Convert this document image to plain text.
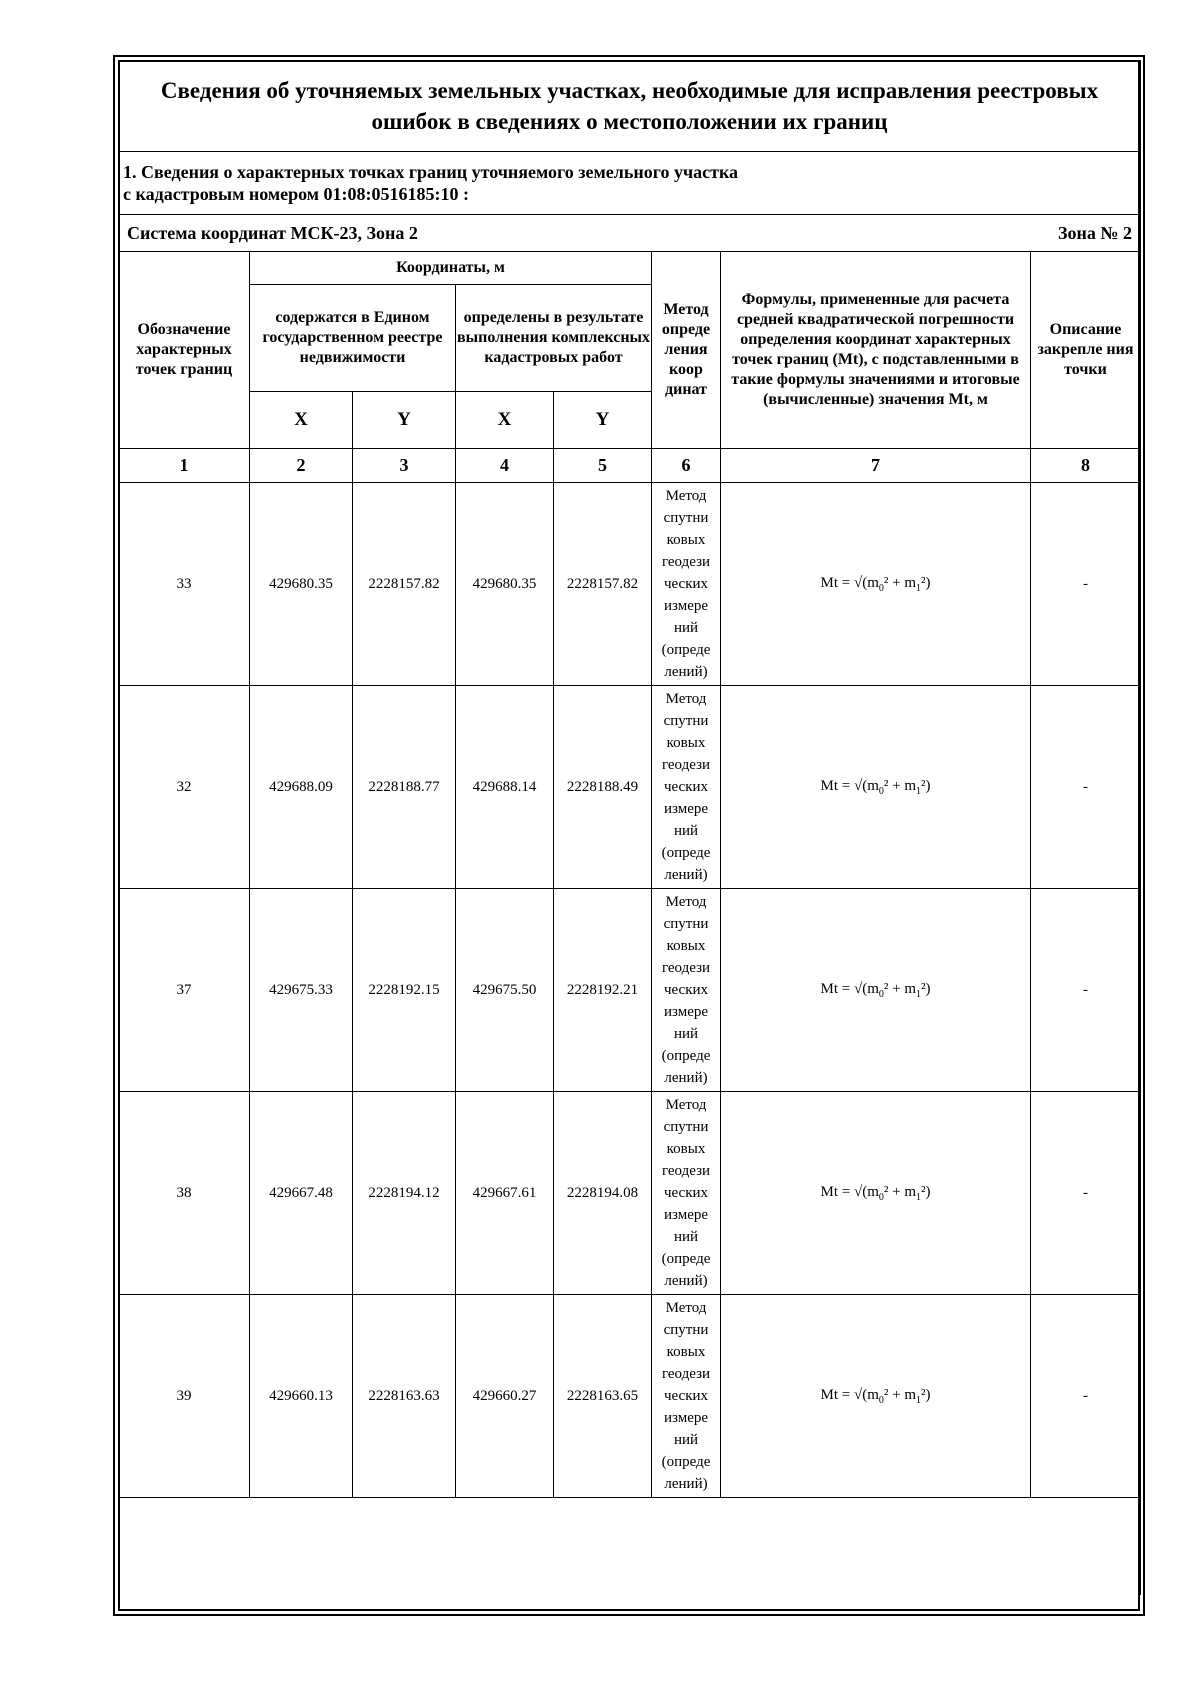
Сведения об уточняемых земельных участках, необходимые для исправления реестровых ошибок в сведениях о местоположении их границ							

1. Сведения о характерных точках границ уточняемого земельного участка
с кадастровым номером 01:08:0516185:10 :							

Система координат МСК-23, Зона 2 Зона № 2							

Обозначение характерных точек границ	Координаты, м				Метод опреде ления коор динат	Формулы, примененные для расчета средней квадратической погрешности определения координат характерных точек границ (Mt), с подставленными в такие формулы значениями и итоговые (вычисленные) значения Mt, м	Описание закрепле ния точки
	содержатся в Едином государственном реестре недвижимости		определены в результате выполнения комплексных кадастровых работ				
	X	Y	X	Y			
1	2	3	4	5	6	7	8
33	429680.35	2228157.82	429680.35	2228157.82	Метод спутни ковых геодези ческих измере ний (опреде лений)	$Mt = √(m_0^2 + m_1^2)$	-
32	429688.09	2228188.77	429688.14	2228188.49	Метод спутни ковых геодези ческих измере ний (опреде лений)	$Mt = √(m_0^2 + m_1^2)$	-
37	429675.33	2228192.15	429675.50	2228192.21	Метод спутни ковых геодези ческих измере ний (опреде лений)	$Mt = √(m_0^2 + m_1^2)$	-
38	429667.48	2228194.12	429667.61	2228194.08	Метод спутни ковых геодези ческих измере ний (опреде лений)	$Mt = √(m_0^2 + m_1^2)$	-
39	429660.13	2228163.63	429660.27	2228163.65	Метод спутни ковых геодези ческих измере ний (опреде лений)	$Mt = √(m_0^2 + m_1^2)$	-
